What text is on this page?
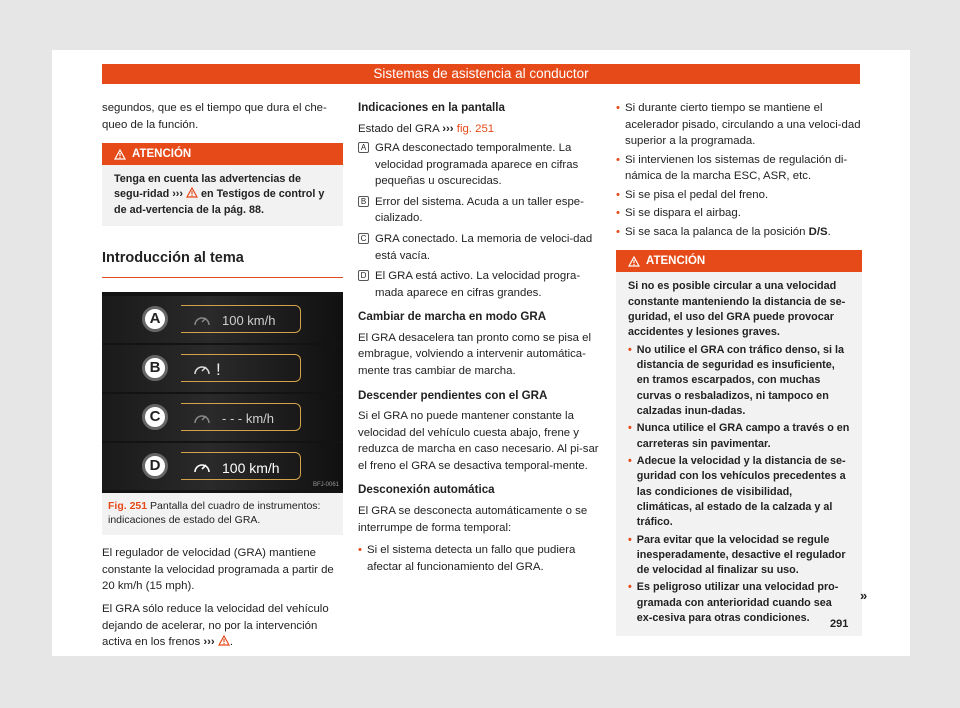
Sistemas de asistencia al conductor

segundos, que es el tiempo que dura el che-queo de la función.

ATENCIÓN
Tenga en cuenta las advertencias de segu-ridad ››› en Testigos de control y de ad-vertencia de la pág. 88.
Introducción al tema
A	100 km/h
B	!
C	- - - km/h
D	100 km/h
BFJ-0061
Fig. 251 Pantalla del cuadro de instrumentos: indicaciones de estado del GRA.

El regulador de velocidad (GRA) mantiene constante la velocidad programada a partir de 20 km/h (15 mph).

El GRA sólo reduce la velocidad del vehículo dejando de acelerar, no por la intervención activa en los frenos ››› .

Indicaciones en la pantalla

Estado del GRA ››› fig. 251

A GRA desconectado temporalmente. La velocidad programada aparece en cifras pequeñas u oscurecidas.
B Error del sistema. Acuda a un taller espe-cializado.
C GRA conectado. La memoria de veloci-dad está vacía.
D El GRA está activo. La velocidad progra-mada aparece en cifras grandes.
Cambiar de marcha en modo GRA

El GRA desacelera tan pronto como se pisa el embrague, volviendo a intervenir automática-mente tras cambiar de marcha.

Descender pendientes con el GRA

Si el GRA no puede mantener constante la velocidad del vehículo cuesta abajo, frene y reduzca de marcha en caso necesario. Al pi-sar el freno el GRA se desactiva temporal-mente.

Desconexión automática

El GRA se desconecta automáticamente o se interrumpe de forma temporal:

• Si el sistema detecta un fallo que pudiera afectar al funcionamiento del GRA.
• Si durante cierto tiempo se mantiene el acelerador pisado, circulando a una veloci-dad superior a la programada.
• Si intervienen los sistemas de regulación di-námica de la marcha ESC, ASR, etc.
• Si se pisa el pedal del freno.
• Si se dispara el airbag.
• Si se saca la palanca de la posición D/S.
ATENCIÓN

Si no es posible circular a una velocidad constante manteniendo la distancia de se-guridad, el uso del GRA puede provocar accidentes y lesiones graves.

• No utilice el GRA con tráfico denso, si la distancia de seguridad es insuficiente, en tramos escarpados, con muchas curvas o resbaladizos, ni tampoco en calzadas inun-dadas.
• Nunca utilice el GRA campo a través o en carreteras sin pavimentar.
• Adecue la velocidad y la distancia de se-guridad con los vehículos precedentes a las condiciones de visibilidad, climáticas, al estado de la calzada y al tráfico.
• Para evitar que la velocidad se regule inesperadamente, desactive el regulador de velocidad al finalizar su uso.
• Es peligroso utilizar una velocidad pro-gramada con anterioridad cuando sea ex-cesiva para otras condiciones.
»
291
